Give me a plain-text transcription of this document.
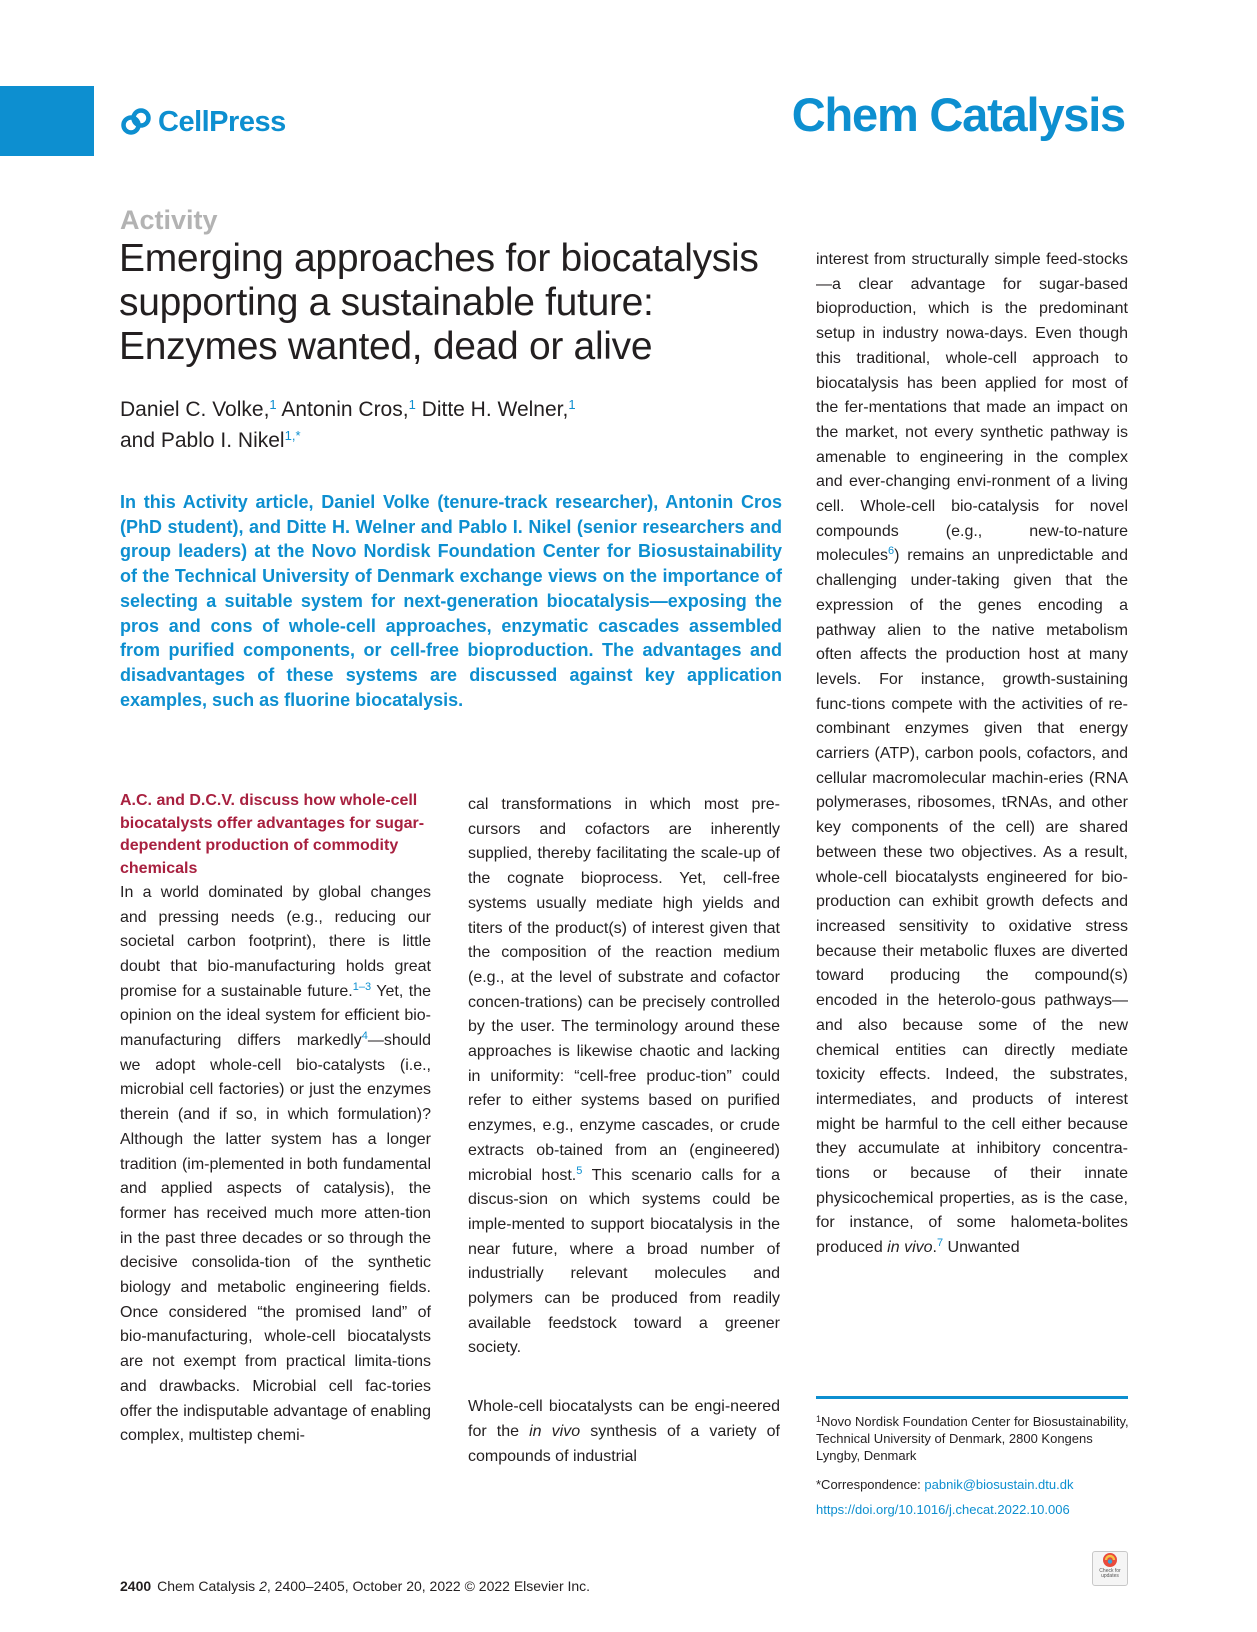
CellPress	Chem Catalysis
Activity
Emerging approaches for biocatalysis supporting a sustainable future: Enzymes wanted, dead or alive
Daniel C. Volke,$^1$ Antonin Cros,$^1$ Ditte H. Welner,$^1$
and Pablo I. Nikel$^{1,*}$
In this Activity article, Daniel Volke (tenure-track researcher), Antonin Cros (PhD student), and Ditte H. Welner and Pablo I. Nikel (senior researchers and group leaders) at the Novo Nordisk Foundation Center for Biosustainability of the Technical University of Denmark exchange views on the importance of selecting a suitable system for next-generation biocatalysis—exposing the pros and cons of whole-cell approaches, enzymatic cascades assembled from purified components, or cell-free bioproduction. The advantages and disadvantages of these systems are discussed against key application examples, such as fluorine biocatalysis.
A.C. and D.C.V. discuss how whole-cell biocatalysts offer advantages for sugar-dependent production of commodity chemicals

In a world dominated by global changes and pressing needs (e.g., reducing our societal carbon footprint), there is little doubt that bio-manufacturing holds great promise for a sustainable future.$^{1-3}$ Yet, the opinion on the ideal system for efficient bio-manufacturing differs markedly$^4$—should we adopt whole-cell bio-catalysts (i.e., microbial cell factories) or just the enzymes therein (and if so, in which formulation)? Although the latter system has a longer tradition (im-plemented in both fundamental and applied aspects of catalysis), the former has received much more atten-tion in the past three decades or so through the decisive consolida-tion of the synthetic biology and metabolic engineering fields. Once considered “the promised land” of bio-manufacturing, whole-cell biocatalysts are not exempt from practical limita-tions and drawbacks. Microbial cell fac-tories offer the indisputable advantage of enabling complex, multistep chemi-

cal transformations in which most pre-cursors and cofactors are inherently supplied, thereby facilitating the scale-up of the cognate bioprocess. Yet, cell-free systems usually mediate high yields and titers of the product(s) of interest given that the composition of the reaction medium (e.g., at the level of substrate and cofactor concen-trations) can be precisely controlled by the user. The terminology around these approaches is likewise chaotic and lacking in uniformity: “cell-free produc-tion” could refer to either systems based on purified enzymes, e.g., enzyme cascades, or crude extracts ob-tained from an (engineered) microbial host.$^5$ This scenario calls for a discus-sion on which systems could be imple-mented to support biocatalysis in the near future, where a broad number of industrially relevant molecules and polymers can be produced from readily available feedstock toward a greener society.

Whole-cell biocatalysts can be engi-neered for the in vivo synthesis of a variety of compounds of industrial

interest from structurally simple feed-stocks—a clear advantage for sugar-based bioproduction, which is the predominant setup in industry nowa-days. Even though this traditional, whole-cell approach to biocatalysis has been applied for most of the fer-mentations that made an impact on the market, not every synthetic pathway is amenable to engineering in the complex and ever-changing envi-ronment of a living cell. Whole-cell bio-catalysis for novel compounds (e.g., new-to-nature molecules$^6$) remains an unpredictable and challenging under-taking given that the expression of the genes encoding a pathway alien to the native metabolism often affects the production host at many levels. For instance, growth-sustaining func-tions compete with the activities of re-combinant enzymes given that energy carriers (ATP), carbon pools, cofactors, and cellular macromolecular machin-eries (RNA polymerases, ribosomes, tRNAs, and other key components of the cell) are shared between these two objectives. As a result, whole-cell biocatalysts engineered for bio-production can exhibit growth defects and increased sensitivity to oxidative stress because their metabolic fluxes are diverted toward producing the compound(s) encoded in the heterolo-gous pathways—and also because some of the new chemical entities can directly mediate toxicity effects. Indeed, the substrates, intermediates, and products of interest might be harmful to the cell either because they accumulate at inhibitory concentra-tions or because of their innate physicochemical properties, as is the case, for instance, of some halometa-bolites produced in vivo.$^7$ Unwanted

$^1$Novo Nordisk Foundation Center for Biosustainability, Technical University of Denmark, 2800 Kongens Lyngby, Denmark
*Correspondence: pabnik@biosustain.dtu.dk
https://doi.org/10.1016/j.checat.2022.10.006
2400 Chem Catalysis 2, 2400–2405, October 20, 2022 © 2022 Elsevier Inc.
Check for updates
